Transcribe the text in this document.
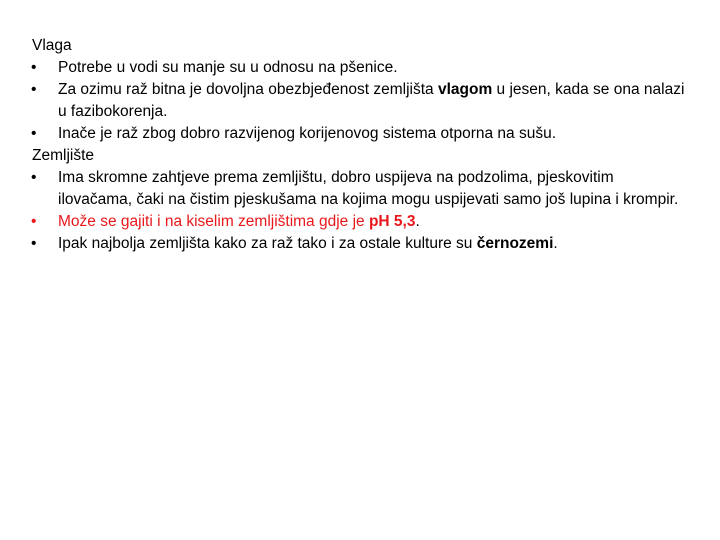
Vlaga
•	Potrebe u vodi su manje su u odnosu na pšenice.
•	Za ozimu raž bitna je dovoljna obezbjeđenost zemljišta vlagom u jesen, kada se ona nalazi u fazibokorenja.
•	Inače je raž zbog dobro razvijenog korijenovog sistema otporna na sušu.
Zemljište
•	Ima skromne zahtjeve prema zemljištu, dobro uspijeva na podzolima, pjeskovitim ilovačama, čaki na čistim pjeskušama na kojima mogu uspijevati samo još lupina i krompir.
•	Može se gajiti i na kiselim zemljištima gdje je pH 5,3.
•	Ipak najbolja zemljišta kako za raž tako i za ostale kulture su černozemi.
